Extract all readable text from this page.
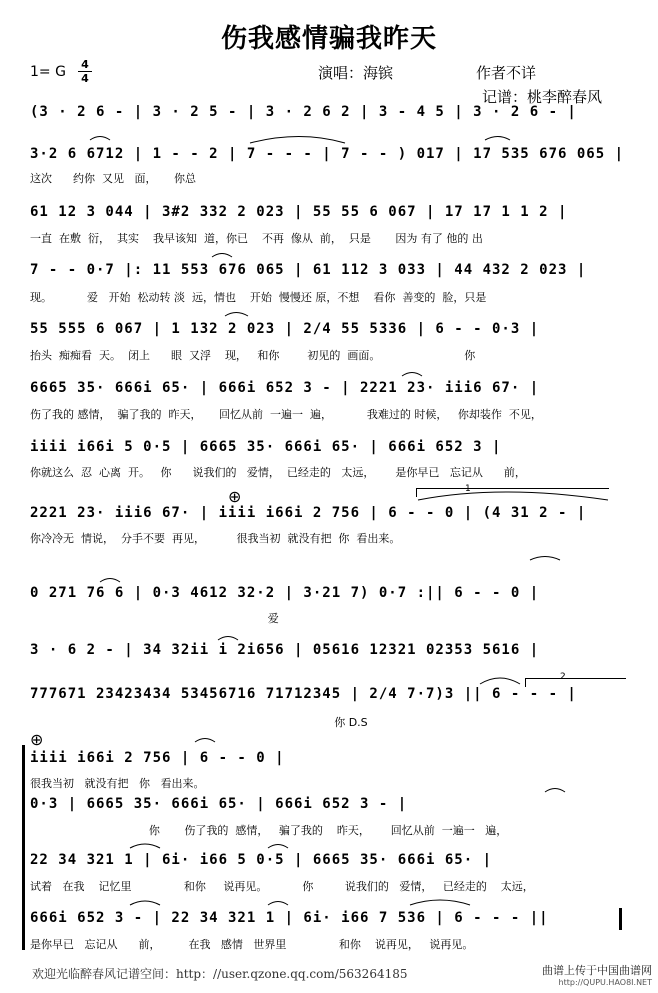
伤我感情骗我昨天
1= G 4
4	演唱：海镔	作者不详
记谱：桃李醉春风
(3 · 2 6 - | 3 · 2 5 - | 3 · 2 6 2 | 3 - 4 5 | 3 · 2 6 - |
3·2 6 6712 | 1 - - 2 | 7 - - - | 7 - - ) 017 | 17 535 676 065 |
这次      约你  又见   面，     你总
61 12 3 044 | 3#2 332 2 023 | 55 55 6 067 | 17 17 1 1 2 |
一直  在敷  衍，  其实    我早该知  道，你已    不再  像从  前，  只是       因为 有了 他的 出
7 - - 0·7 |: 11 553 676 065 | 61 112 3 033 | 44 432 2 023 |
现。          爱   开始  松动转 淡  远，情也    开始  慢慢还 原，不想    看你  善变的  脸，只是
55 555 6 067 | 1 132 2 023 | 2/4 55 5336 | 6 - - 0·3 |
抬头  痴痴看  天。  闭上      眼  又浮    现，   和你        初见的  画面。                        你
6665 35· 666i 65· | 666i 652 3 - | 2221 23· iii6 67· |
伤了我的 感情，  骗了我的  昨天，     回忆从前  一遍一  遍，          我难过的 时候，   你却装作  不见，
iiii i66i 5 0·5 | 6665 35· 666i 65· | 666i 652 3 |
你就这么  忍  心离  开。   你      说我们的   爱情，  已经走的   太远，      是你早已   忘记从      前，
2221 23· iii6 67· | iiii i66i 2 756 | 6 - - 0 | (4 31 2 - |
你冷冷无  情说，  分手不要  再见，         很我当初  就没有把  你  看出来。
0 271 76 6 | 0·3 4612 32·2 | 3·21 7) 0·7 :|| 6 - - 0 |
爱
3 · 6 2 - | 34 32ii i 2i656 | 05616 12321 02353 5616 |
777671 23423434 53456716 71712345 | 2/4 7·7)3 || 6 - - - |
你 D.S
iiii i66i 2 756 | 6 - - 0 |
很我当初   就没有把   你   看出来。
0·3 | 6665 35· 666i 65· | 666i 652 3 - |
你       伤了我的  感情，   骗了我的    昨天，      回忆从前  一遍一   遍，
22 34 321 1 | 6i· i66 5 0·5 | 6665 35· 666i 65· |
试着   在我    记忆里               和你     说再见。          你         说我们的   爱情，   已经走的    太远，
666i 652 3 - | 22 34 321 1 | 6i· i66 7 536 | 6 - - - ||
是你早已   忘记从      前，        在我   感情   世界里               和你    说再见，   说再见。
1
2
⊕
⊕
欢迎光临醉春风记谱空间：http：//user.qzone.qq.com/563264185	曲谱上传于中国曲谱网
http://QUPU.HAO8I.NET
